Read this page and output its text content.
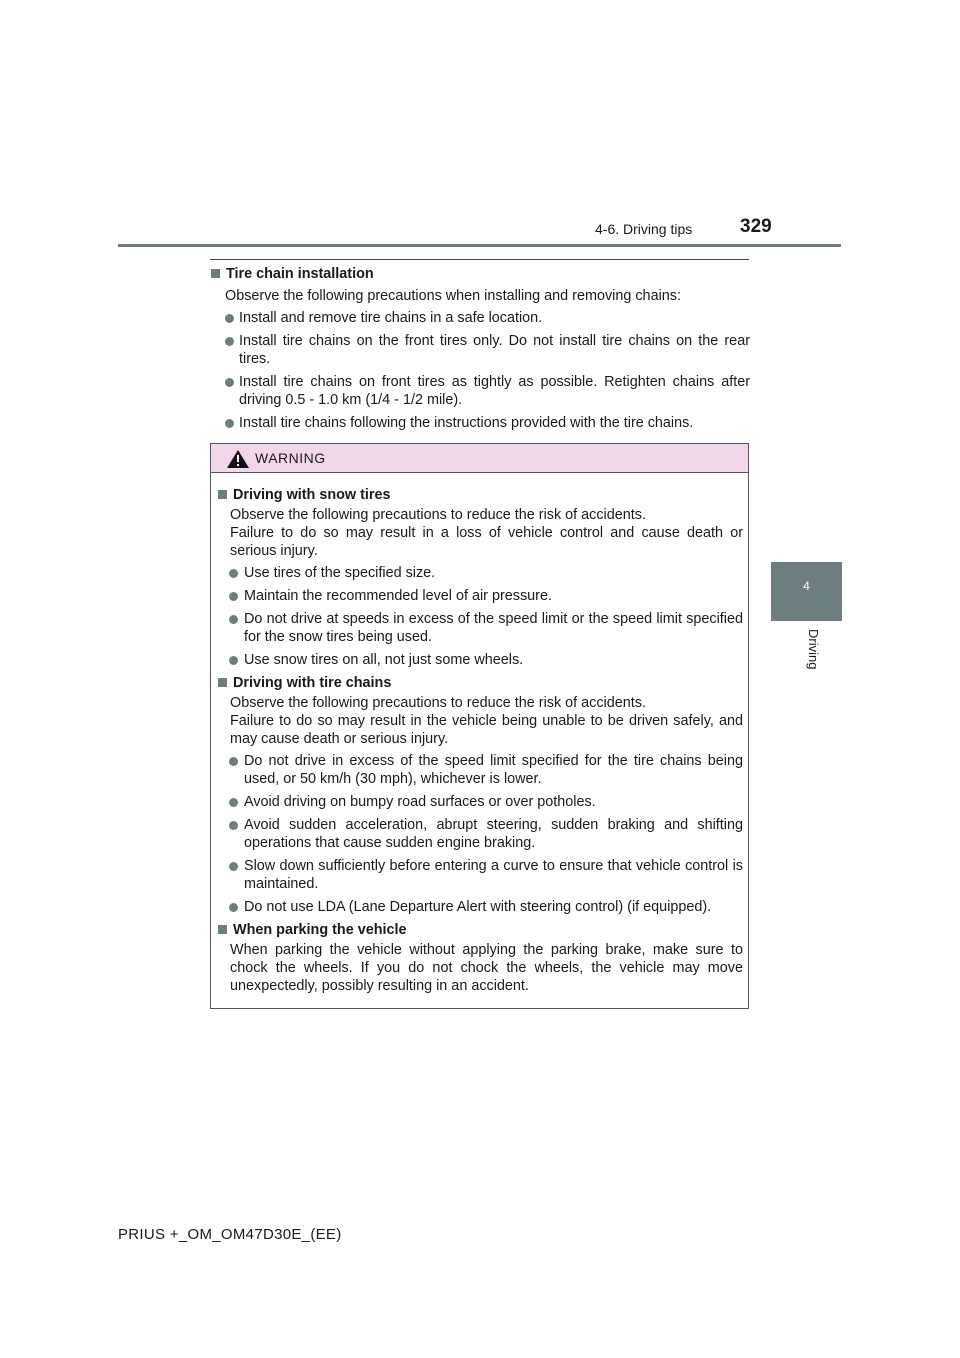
4-6. Driving tips	329
4
Driving
Tire chain installation
Observe the following precautions when installing and removing chains:
Install and remove tire chains in a safe location.
Install tire chains on the front tires only. Do not install tire chains on the rear tires.
Install tire chains on front tires as tightly as possible. Retighten chains after driving 0.5 - 1.0 km (1/4 - 1/2 mile).
Install tire chains following the instructions provided with the tire chains.
WARNING
Driving with snow tires
Observe the following precautions to reduce the risk of accidents.
Failure to do so may result in a loss of vehicle control and cause death or serious injury.
Use tires of the specified size.
Maintain the recommended level of air pressure.
Do not drive at speeds in excess of the speed limit or the speed limit specified for the snow tires being used.
Use snow tires on all, not just some wheels.
Driving with tire chains
Observe the following precautions to reduce the risk of accidents.
Failure to do so may result in the vehicle being unable to be driven safely, and may cause death or serious injury.
Do not drive in excess of the speed limit specified for the tire chains being used, or 50 km/h (30 mph), whichever is lower.
Avoid driving on bumpy road surfaces or over potholes.
Avoid sudden acceleration, abrupt steering, sudden braking and shifting operations that cause sudden engine braking.
Slow down sufficiently before entering a curve to ensure that vehicle control is maintained.
Do not use LDA (Lane Departure Alert with steering control) (if equipped).
When parking the vehicle
When parking the vehicle without applying the parking brake, make sure to chock the wheels. If you do not chock the wheels, the vehicle may move unexpectedly, possibly resulting in an accident.
PRIUS +_OM_OM47D30E_(EE)
